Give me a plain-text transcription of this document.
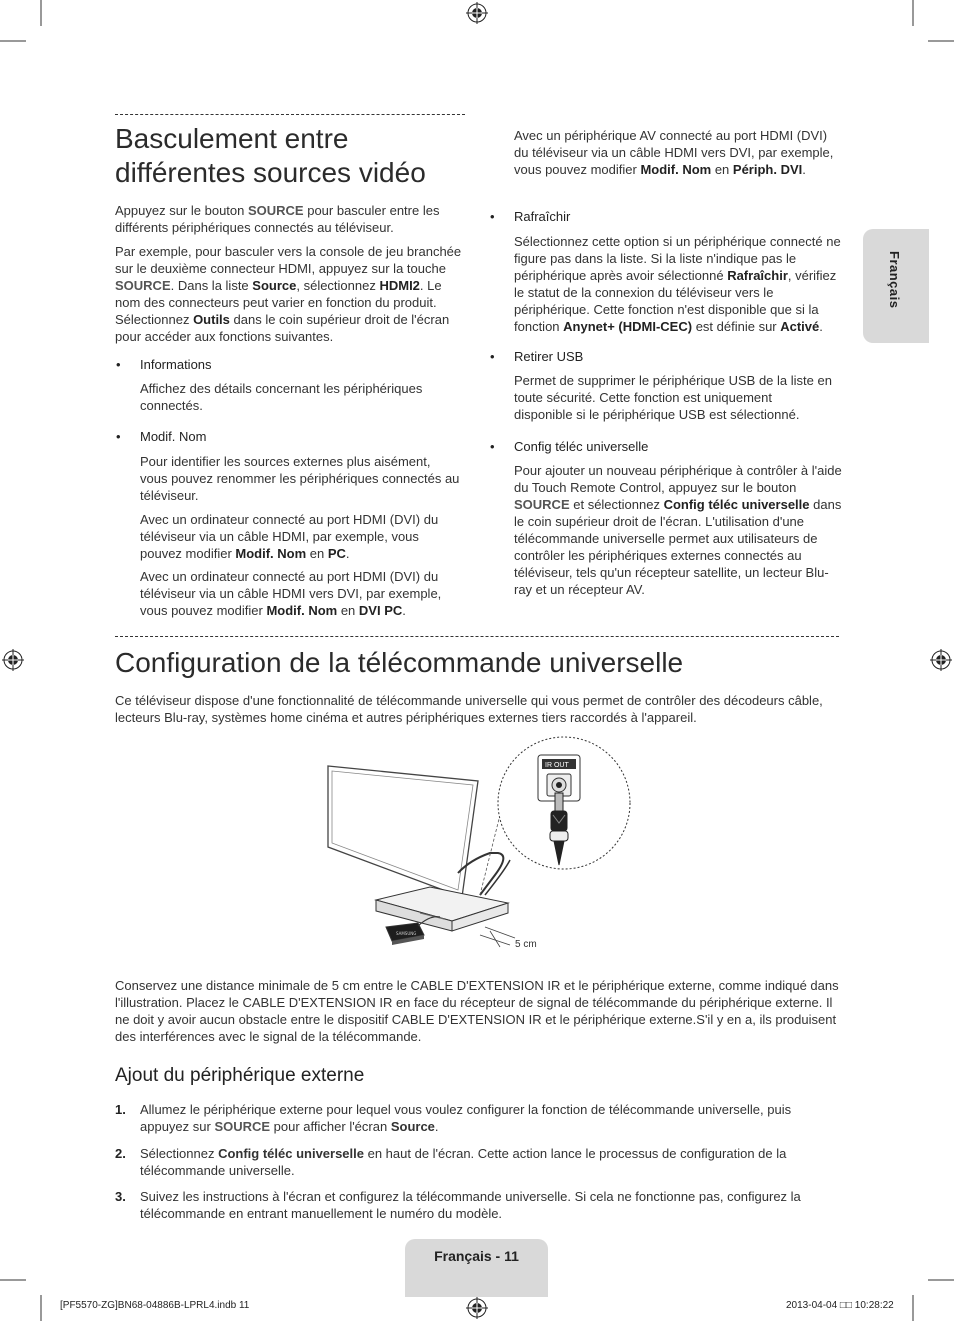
Basculement entre
différentes sources vidéo

Appuyez sur le bouton SOURCE pour basculer entre les différents périphériques connectés au téléviseur.

Par exemple, pour basculer vers la console de jeu branchée sur le deuxième connecteur HDMI, appuyez sur la touche SOURCE. Dans la liste Source, sélectionnez HDMI2. Le nom des connecteurs peut varier en fonction du produit. Sélectionnez Outils dans le coin supérieur droit de l'écran pour accéder aux fonctions suivantes.

• Informations

Affichez des détails concernant les périphériques connectés.

• Modif. Nom

Pour identifier les sources externes plus aisément, vous pouvez renommer les périphériques connectés au téléviseur.

Avec un ordinateur connecté au port HDMI (DVI) du téléviseur via un câble HDMI, par exemple, vous pouvez modifier Modif. Nom en PC.

Avec un ordinateur connecté au port HDMI (DVI) du téléviseur via un câble HDMI vers DVI, par exemple, vous pouvez modifier Modif. Nom en DVI PC.

Avec un périphérique AV connecté au port HDMI (DVI) du téléviseur via un câble HDMI vers DVI, par exemple, vous pouvez modifier Modif. Nom en Périph. DVI.

• Rafraîchir

Sélectionnez cette option si un périphérique connecté ne figure pas dans la liste. Si la liste n'indique pas le périphérique après avoir sélectionné Rafraîchir, vérifiez le statut de la connexion du téléviseur vers le périphérique. Cette fonction n'est disponible que si la fonction Anynet+ (HDMI-CEC) est définie sur Activé.

• Retirer USB

Permet de supprimer le périphérique USB de la liste en toute sécurité. Cette fonction est uniquement disponible si le périphérique USB est sélectionné.

• Config téléc universelle

Pour ajouter un nouveau périphérique à contrôler à l'aide du Touch Remote Control, appuyez sur le bouton SOURCE et sélectionnez Config téléc universelle dans le coin supérieur droit de l'écran. L'utilisation d'une télécommande universelle permet aux utilisateurs de contrôler les périphériques externes connectés au téléviseur, tels qu'un récepteur satellite, un lecteur Blu-ray et un récepteur AV.

Configuration de la télécommande universelle

Ce téléviseur dispose d'une fonctionnalité de télécommande universelle qui vous permet de contrôler des décodeurs câble, lecteurs Blu-ray, systèmes home cinéma et autres périphériques externes tiers raccordés à l'appareil.

SAMSUNG
5 cm
IR OUT

Conservez une distance minimale de 5 cm entre le CABLE D'EXTENSION IR et le périphérique externe, comme indiqué dans l'illustration. Placez le CABLE D'EXTENSION IR en face du récepteur de signal de télécommande du périphérique externe. Il ne doit y avoir aucun obstacle entre le dispositif CABLE D'EXTENSION IR et le périphérique externe.S'il y en a, ils produisent des interférences avec le signal de la télécommande.

Ajout du périphérique externe
1. Allumez le périphérique externe pour lequel vous voulez configurer la fonction de télécommande universelle, puis appuyez sur SOURCE pour afficher l'écran Source.
2. Sélectionnez Config téléc universelle en haut de l'écran. Cette action lance le processus de configuration de la télécommande universelle.
3. Suivez les instructions à l'écran et configurez la télécommande universelle. Si cela ne fonctionne pas, configurez la télécommande en entrant manuellement le numéro du modèle.
Français
Français - 11
[PF5570-ZG]BN68-04886B-LPRL4.indb 11	2013-04-04 □□ 10:28:22
